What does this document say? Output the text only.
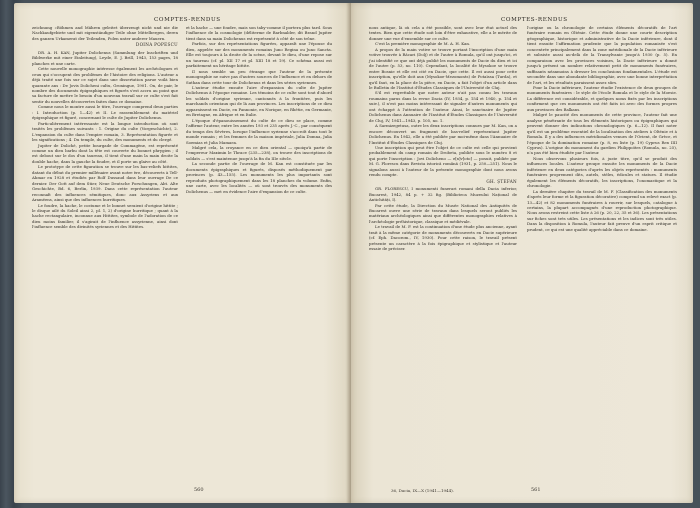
COMPTES-RENDUS

zeichnung »Böhmen and Mähren geleitet überzeugt nicht und nie die Nachkaufgebiete und mit eigenständiger Teile ohne Mittelbergen, deren des ganzen Urkamerat der Teilenden, Polen unter anderer Mauern.

DOINA POPESCU

DR. A. H. KAN, Jupiter Dolichenus (Sammlung der Inschriften und Bildwerke mit einer Einleitung), Leyde, E. J. Brill, 1943, 153 pages, 18 planches et une carte.

Cette nouvelle monographie intéresse également les archéologues et ceux qui s'occupent des problèmes de l'histoire des religions. L'auteur a déjà traité une fois sur ce sujet dans une dissertation parue voilà bien quarante ans : De Jovis Dolicheni cultu, Groningue, 1901. On, de pair, le nombre des documents épigraphiques et figurés s'est accru au point que sa facture de mettre le besoin d'un nouveau travail sur ce culte s'est fait sentir du nouvelles découvertes faites dans ce domaine.

Comme nous le montre aussi le titre, l'ouvrage comprend deux parties : I. Introduction (p. 1—42) et II. Le rassemblement du matériel épigraphique et figuré, concernant le culte de Jupiter Dolichenus.

Particulièrement intéressante est la longue introduction où sont traités les problèmes suivants : 1. Origine du culte (Vorgeschichte), 2. L'expansion du culte dans l'empire romain, 3. Représentation figurée et les significations ; 4. Du temple, du culte, des monuments et du clergé.

Jupiter de Doliché, petite bourgade de Commagène, est représenté comme un dieu barbu dont la tête est couverte du bonnet phrygien ; il est debout sur le dos d'un taureau, il tient d'une main la main droite la double hache, dans la gauche la foudre, et il porte un glaive au côté.

Le prototype de cette figuration se trouve sur les bas-reliefs hittites, datant du début du premier millénaire avant notre ère, découverts à Tell-Ahmar en 1928 et étudiés par Rolf Dussaud dans leur ouvrage De ce dernier. Der Gott auf dem Stier, Neue Deutsche Forschungen, Abt. Alte Geschichte, Bd. 6, Berlin, 1939. Dans cette représentation l'auteur reconnaît des influences sémitiques, donc aux Assyriens et aux Araméens, ainsi que des influences hurritiques.

Le foudre, la hache, le costume et le bonnet seraient d'origine hittite ; le disque ailé du Soleil ainsi 2, pl. 1, 2) d'origine hurritique ; quant à la hache rectangulaire, inconnue aux Hittites, symbole de l'adoration de ce dieu moins familier, il s'agirait de l'influence assyrienne, ainsi dont l'influence semble des divinités syriennes et des Hittites.

et la hache — une foudre, mais son taby-comme il portera plus tard. Sous l'influence de la cosmologie (déliterme de Barbnalder, dit Brand Jupiter tient dans sa main Dolichenus est représenté à côté de son trône.

Parfois, sur des représentations figurées, apparaît une l'épouse du dieu, appelée sur des monuments romains Juno Regina ou Juno Sancta. Elle est toujours à la droite de la scène, devant le dieu, d'une repose sur un taureau (cf. pl. XII 17 et pl. XIII 18 et 19). Ce schéma aussi est parfaitement un héritage hittite.

Il nous semble un peu étrange que l'auteur de la présente monographie ne suive pas d'autres sources de l'influence et en dehors de Suthan dans cette tour de Dolichenus et dans les séries syriennes.

L'auteur étudie ensuite l'aire d'expansion du culte de Jupiter Dolichenus à l'époque romaine. Les témoins de ce culte sont tout d'abord les soldats d'origine syrienne, cantonnés à la frontière, puis les marchands orientaux qui de là aux provinces. Les inscriptions de ce dieu apparaissent en Dacie, en Pannonie, en Norique, en Rhétie, en Germanie, en Bretagne, en Afrique et en Italie.

L'époque d'épanouissement du culte de ce dieu se place, comme l'affirme l'auteur, entre les années 193 et 235 après J.-C., par conséquent du temps des Sévères, lorsque l'influence syrienne s'accroît dans tout le monde romain ; et les femmes de la maison impériale, Julia Domna, Julia Soemias et Julia Mamaea.

Malgré cela, la croyance en ce dieu oriental — quoiqu'à partir de l'empereur Maximin le Thrace (235—238), on trouve des inscriptions de soldats — s'est maintenue jusqu'à la fin du IIIe siècle.

La seconde partie de l'ouvrage de M. Kan est constituée par les documents épigraphiques et figurés, disposés méthodiquement par provinces (p. 43—155). Les monuments les plus importants sont reproduits photographiquement dans les 18 planches du volume. Enfin, une carte, avec les localités — où sont trouvés des monuments des Dolichenus — met en évidence l'aire d'expansion de ce culte.

560
COMPTES-RENDUS

nous antique, là où cela a été possible, sont avec leur état actuel des textes. Bien que cette étude soit loin d'être exhaustive, elle a le mérite de donner une vue d'ensemble sur ce culte.

C'est la première monographie de M. A. H. Kan.

A propos de la main votive se trouve portant l'inscription d'une main votive trouvée à Răcari (Dolj) et de l'autre à Romula, qu'il ont jusqu'ici, et j'ai identifié ce que ont déjà publié les monuments de Dacie du dieu et ici de l'autre (p. 53, no. 110). Cependant, la localité de Mysokoe se trouve entre Bosnie et elle est cité en Dacie, que cette. Il est aussi pour cette inscription, qu'elle doit aux (Mysokoe-Mezomonts) de Potaïssa (Turda), et qu'il faut, en la place de la pièce, en Dacie, a fait l'objet d'un article dans le Bulletin de l'Institut d'Études Classiques de l'Université de Cluj.

S'il est regrettable que notre auteur n'ait pas connu les travaux roumains parus dans la revue Dacia (IV, 1934, p. 154 et 1940, p. 154 et suiv.), il n'est pas moins intéressant de signaler d'autres monuments qui ont échappé à l'attention de l'auteur. Ainsi, le sanctuaire de Jupiter Dolichenus dans Annuaire de l'Institut d'Études Classiques de l'Université de Cluj, IV, 1941—1943, p. 105, no. 1.

A Sarmizegetusa, outre les deux inscriptions connues par M. Kan, on a encore découvert un fragment de bas-relief représentant Jupiter Dolichenus. En 1942, elle a été publiée par moi-même dans l'Annuaire de l'Institut d'Études Classiques de Cluj.

Une inscription qui peut être l'objet de ce culte est celle qui provient probablement du camp romain de Drobeta, publiée sous le numéro 8 et qui porte l'inscription : Jovi Dolicheno — e[x]v[oto] — posuit, publiée par M. G. Florescu dans Revista istorică română (1931, p. 250—251). Nous le signalons aussi à l'auteur de la présente monographie dont nous avons rendu compte.

GH. ȘTEFAN

GR. FLORESCU, I monumenti funerari romani della Dacia inferior, Bucarest, 1942, 84 p. + 32 fig. (Biblioteca Muzeului Național de Antichități, I).

Par cette étude, la Direction du Musée National des Antiquités de Bucarest ouvre une série de travaux dans lesquels seront publiés les matériaux archéologiques ainsi que différentes monographies relatives à l'archéologie préhistorique, classique et médiévale.

Le travail de M. F. est la continuation d'une étude plus ancienne, ayant trait à la même catégorie de monuments découverts en Dacie supérieure (cf. Eph. Dacorom., IV, 1930). Pour cette raison, le travail présent présente un caractère à la fois épigraphique et stylistique et l'auteur essaie de préciser.

l'origine ou la chronologie de certains éléments décoratifs de l'art funéraire romain en Olténie. Cette étude donne une courte description géographique, historique et administrative de la Dacie inférieure, dont il tient ensuite l'affirmation prudente que la population romanisée s'est concentrée principalement dans la zone méridionale de la Dacie inférieure et subsiste aussi au-delà de la Transylvanie jusqu'à 1930 (p. 5). En comparaison avec les provinces voisines, la Dacie inférieure a donné jusqu'à présent un nombre relativement petit de monuments funéraires, suffisants néanmoins à dresser les conclusions fondamentales. L'étude est secondée dans une abondante bibliographie, avec une bonne interprétation de l'art, et les résultats paraissent assez sûrs.

Pour la Dacie inférieure, l'auteur étudie l'existence de deux groupes de monuments funéraires : le style de l'école Romula et le style de la Moesie. La différence est considérable, et quelques noms fixés par les inscriptions confirment que ces monuments ont été faits ici avec des formes propres aux provinces des Balkans.

Malgré le paucité des monuments de cette province, l'auteur fait une analyse pénétrante de tous les éléments historiques ou épigraphiques qui peuvent donner des indications chronologiques (p. 6—12). Il faut noter qu'il est un problème essentiel de la localisation des ateliers à Olténie et à Romula. Il y a des influences méridionales venues de l'Orient, de Grèce, et l'époque de la domination romaine (p. 8, en liste (p. 19) Cyprus Rex IIII Cyprus). L'origine du monument du gardien Philippoïtes (Romula, no. 25), n'a pas été bien étudiée par l'auteur.

Nous observons plusieurs fois, à juste titre, qu'il se produit des influences locales. L'auteur groupe ensuite les monuments de la Dacie inférieure en deux catégories d'après les objets représentés : monuments funéraires proprement dits, autels, stèles, édicules et statues. Il étudie également les éléments décoratifs, les inscriptions, l'onomastique et la chronologie.

La dernière chapitre du travail de M. F. (Classification des monuments d'après leur forme et la figuration décorative) comprend un relevé exact (p. 13—42) et 82 monuments funéraires à rouvrir, sur lesquels, catalogue à certains, la plupart accompagnés d'une reproduction photographique. Nous avons restreint cette liste à 26 (p. 20, 22, 35 et 36). Les présentations sur fiches sont très utiles. Les présentations et les indices sont très utiles. Dans la disposition à Romula, l'auteur fait preuve d'un esprit critique et prudent, ce qui est une qualité appréciable dans ce domaine.

36, Dacia, IX—X (1941—1944).	561
